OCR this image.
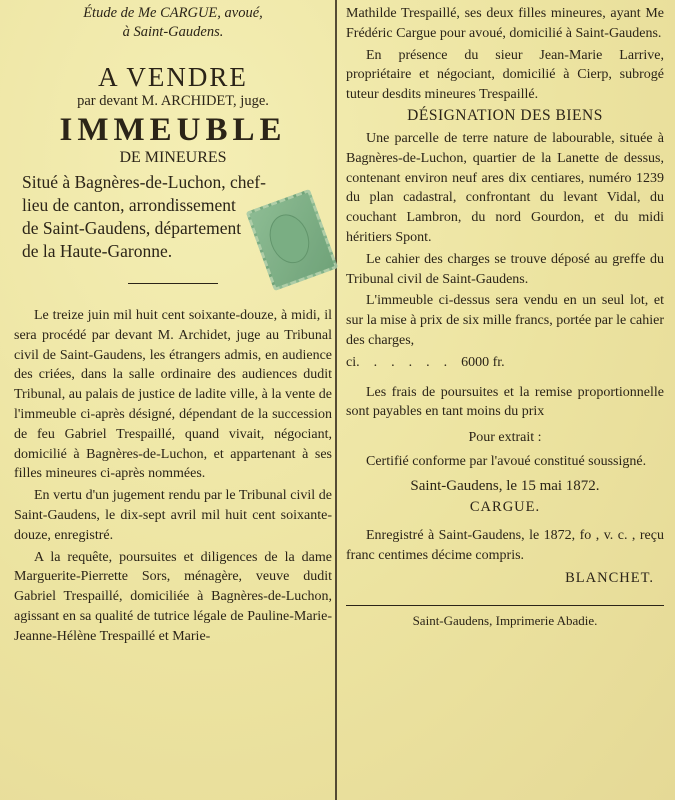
Étude de Me CARGUE, avoué,
à Saint-Gaudens.
A VENDRE
par devant M. ARCHIDET, juge.
IMMEUBLE
DE MINEURES
Situé à Bagnères-de-Luchon, chef-
lieu de canton, arrondissement
de Saint-Gaudens, département
de la Haute-Garonne.

Le treize juin mil huit cent soixante-douze, à midi, il sera procédé par devant M. Archidet, juge au Tribunal civil de Saint-Gaudens, les étrangers admis, en audience des criées, dans la salle ordinaire des audiences dudit Tribunal, au palais de justice de ladite ville, à la vente de l'immeuble ci-après désigné, dépendant de la succession de feu Gabriel Trespaillé, quand vivait, négociant, domicilié à Bagnères-de-Luchon, et appartenant à ses filles mineures ci-après nommées.

En vertu d'un jugement rendu par le Tribunal civil de Saint-Gaudens, le dix-sept avril mil huit cent soixante-douze, enregistré.

A la requête, poursuites et diligences de la dame Marguerite-Pierrette Sors, ménagère, veuve dudit Gabriel Trespaillé, domiciliée à Bagnères-de-Luchon, agissant en sa qualité de tutrice légale de Pauline-Marie-Jeanne-Hélène Trespaillé et Marie-

Mathilde Trespaillé, ses deux filles mineures, ayant Me Frédéric Cargue pour avoué, domicilié à Saint-Gaudens.

En présence du sieur Jean-Marie Larrive, propriétaire et négociant, domicilié à Cierp, subrogé tuteur desdits mineures Trespaillé.

DÉSIGNATION DES BIENS

Une parcelle de terre nature de labourable, située à Bagnères-de-Luchon, quartier de la Lanette de dessus, contenant environ neuf ares dix centiares, numéro 1239 du plan cadastral, confrontant du levant Vidal, du couchant Lambron, du nord Gourdon, et du midi héritiers Spont.

Le cahier des charges se trouve déposé au greffe du Tribunal civil de Saint-Gaudens.

L'immeuble ci-dessus sera vendu en un seul lot, et sur la mise à prix de six mille francs, portée par le cahier des charges,

ci.    .    .    .    .    .    6000 fr.

Les frais de poursuites et la remise proportionnelle sont payables en tant moins du prix

Pour extrait :

Certifié conforme par l'avoué constitué soussigné.

Saint-Gaudens, le 15 mai 1872.
CARGUE.

Enregistré à Saint-Gaudens, le 1872, fo , v. c. , reçu franc centimes décime compris.

BLANCHET.
Saint-Gaudens, Imprimerie Abadie.
